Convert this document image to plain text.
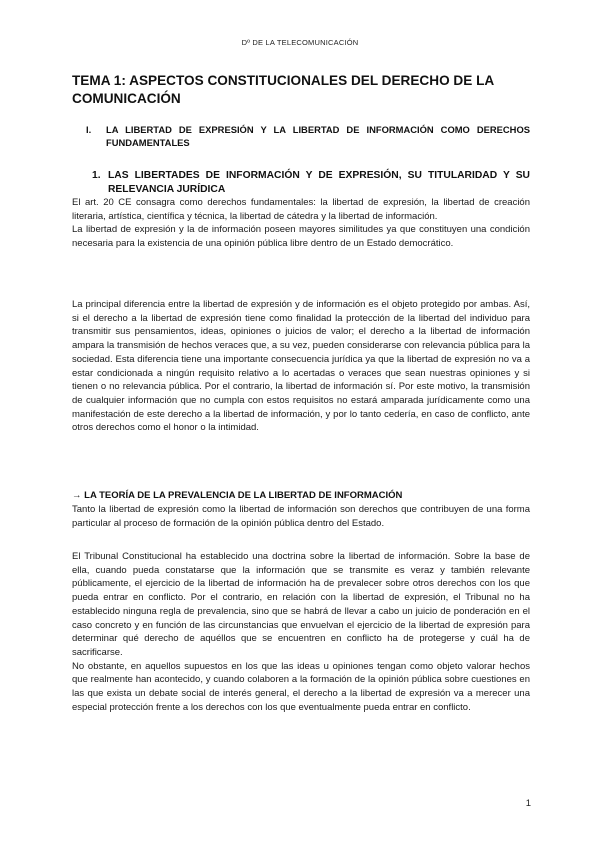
Dº DE LA TELECOMUNICACIÓN
TEMA 1: ASPECTOS CONSTITUCIONALES DEL DERECHO DE LA COMUNICACIÓN
I.	LA LIBERTAD DE EXPRESIÓN Y LA LIBERTAD DE INFORMACIÓN COMO DERECHOS FUNDAMENTALES
1. LAS LIBERTADES DE INFORMACIÓN Y DE EXPRESIÓN, SU TITULARIDAD Y SU RELEVANCIA JURÍDICA

El art. 20 CE consagra como derechos fundamentales: la libertad de expresión, la libertad de creación literaria, artística, científica y técnica, la libertad de cátedra y la libertad de información.

La libertad de expresión y la de información poseen mayores similitudes ya que constituyen una condición necesaria para la existencia de una opinión pública libre dentro de un Estado democrático.

La principal diferencia entre la libertad de expresión y de información es el objeto protegido por ambas. Así, si el derecho a la libertad de expresión tiene como finalidad la protección de la libertad del individuo para transmitir sus pensamientos, ideas, opiniones o juicios de valor; el derecho a la libertad de información ampara la transmisión de hechos veraces que, a su vez, pueden considerarse con relevancia pública para la sociedad. Esta diferencia tiene una importante consecuencia jurídica ya que la libertad de expresión no va a estar condicionada a ningún requisito relativo a lo acertadas o veraces que sean nuestras opiniones y si tienen o no relevancia pública. Por el contrario, la libertad de información sí. Por este motivo, la transmisión de cualquier información que no cumpla con estos requisitos no estará amparada jurídicamente como una manifestación de este derecho a la libertad de información, y por lo tanto cedería, en caso de conflicto, ante otros derechos como el honor o la intimidad.

→ LA TEORÍA DE LA PREVALENCIA DE LA LIBERTAD DE INFORMACIÓN

Tanto la libertad de expresión como la libertad de información son derechos que contribuyen de una forma particular al proceso de formación de la opinión pública dentro del Estado.

El Tribunal Constitucional ha establecido una doctrina sobre la libertad de información. Sobre la base de ella, cuando pueda constatarse que la información que se transmite es veraz y también relevante públicamente, el ejercicio de la libertad de información ha de prevalecer sobre otros derechos con los que pueda entrar en conflicto. Por el contrario, en relación con la libertad de expresión, el Tribunal no ha establecido ninguna regla de prevalencia, sino que se habrá de llevar a cabo un juicio de ponderación en el caso concreto y en función de las circunstancias que envuelvan el ejercicio de la libertad de expresión para determinar qué derecho de aquéllos que se encuentren en conflicto ha de protegerse y cuál ha de sacrificarse.

No obstante, en aquellos supuestos en los que las ideas u opiniones tengan como objeto valorar hechos que realmente han acontecido, y cuando colaboren a la formación de la opinión pública sobre cuestiones en las que exista un debate social de interés general, el derecho a la libertad de expresión va a merecer una especial protección frente a los derechos con los que eventualmente pueda entrar en conflicto.

1
